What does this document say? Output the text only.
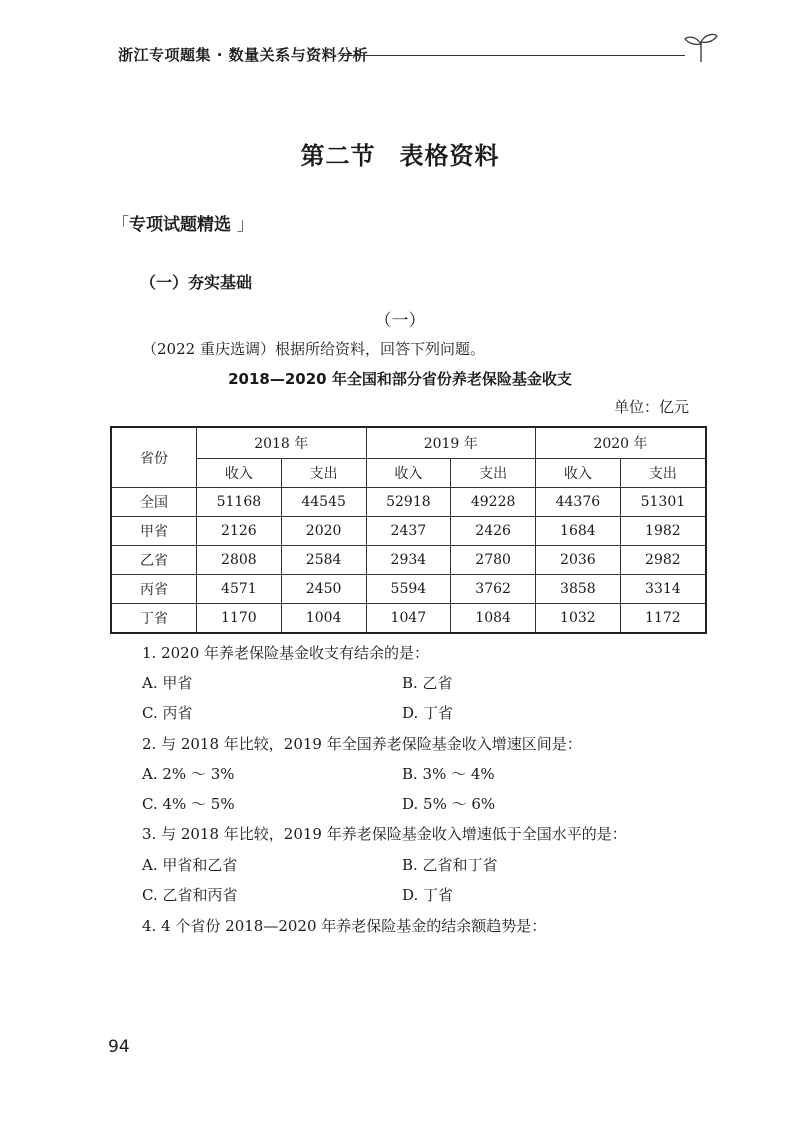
浙江专项题集 · 数量关系与资料分析
第二节 表格资料
「专项试题精选 」
（一）夯实基础
（一）
（2022 重庆选调）根据所给资料，回答下列问题。
2018—2020 年全国和部分省份养老保险基金收支
单位：亿元
省份	2018 年		2019 年		2020 年	
	收入	支出	收入	支出	收入	支出
全国	51168	44545	52918	49228	44376	51301
甲省	2126	2020	2437	2426	1684	1982
乙省	2808	2584	2934	2780	2036	2982
丙省	4571	2450	5594	3762	3858	3314
丁省	1170	1004	1047	1084	1032	1172
1. 2020 年养老保险基金收支有结余的是：
A. 甲省	B. 乙省
C. 丙省	D. 丁省
2. 与 2018 年比较，2019 年全国养老保险基金收入增速区间是：
A. 2% ～ 3%	B. 3% ～ 4%
C. 4% ～ 5%	D. 5% ～ 6%
3. 与 2018 年比较，2019 年养老保险基金收入增速低于全国水平的是：
A. 甲省和乙省	B. 乙省和丁省
C. 乙省和丙省	D. 丁省
4. 4 个省份 2018—2020 年养老保险基金的结余额趋势是：
94
